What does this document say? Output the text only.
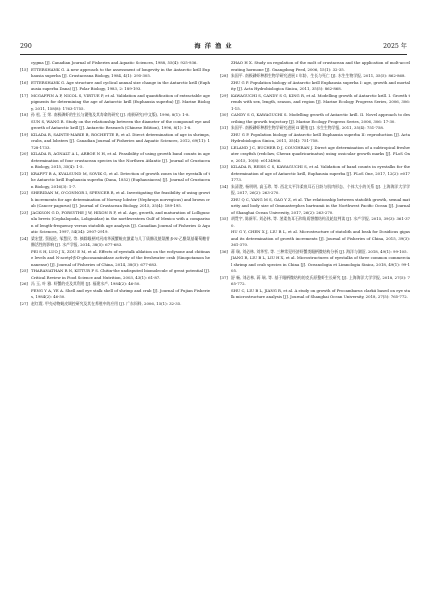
290	海 洋 渔 业	2025 年
cygma [J]. Canadian Journal of Fisheries and Aquatic Sciences, 1988, 55(4): 925-936.
[15] ETTERSHANK G. A new approach to the assessment of longevity in the Antarctic krill Euphausia superba [J]. Crustaceana Biology, 1984, 4(1): 295-305.
[16] ETTERSHANK G. Age structure and cyclical annual size change in the Antarctic krill (Euphausia superba Dana) [J]. Polar Biology, 1983, 2: 189-193.
[17] MCGAFFIN A P, NICOL S, VIRTUE P, et al. Validation and quantification of extractable age pigments for determining the age of Antarctic krill (Euphausia superba) [J]. Marine Biology, 2011, 158(8): 1763-1755.
[18] 孙 松, 王 荣. 南极磷虾的生长与繁殖及其寿命的研究 [J]. 南极研究(中文版), 1996, 8(1): 1-8.
SUN S, WANG R. Study on the relationship between the diameter of the compound eye and growth of Antarctic krill [J]. Antarctic Research (Chinese Edition), 1996, 8(1): 1-8.
[19] KILADA R, SAINTE-MARIE B, ROCHETTE R, et al. Direct determination of age in shrimps, crabs, and lobsters [J]. Canadian Journal of Fisheries and Aquatic Sciences, 2012, 69(11): 1728-1733.
[20] KILADA R, AGNALT A L, ARBOE N H, et al. Feasibility of using growth band counts in age determination of four crustacean species in the Northern Atlantic [J]. Journal of Crustacean Biology, 2015, 35(4): 1-5.
[21] KRAFFT B A, KVALSUND M, SOVIK G, et al. Detection of growth zones in the eyestalk of the Antarctic krill Euphausia superba (Dana, 1852) (Euphausiacea) [J]. Journal of Crustacean Biology, 2016(3): 1-7.
[22] SHERIDAN M, O'CONNOR I, SPENCER R, et al. Investigating the feasibility of using growth increments for age determination of Norway lobster (Nephrops norvegicus) and brown crab (Cancer pagurus) [J]. Journal of Crustacean Biology, 2015, 35(4): 189-195.
[23] JACKSON G D, FORSYTHE J W, HIXON R F, et al. Age, growth, and maturation of Lolliguncula brevis (Cephalopoda, Loliginidae) in the northwestern Gulf of Mexico with a comparison of length-frequency versus statolith age analysis [J]. Canadian Journal of Fisheries & Aquatic Sciences, 1997, 54(34): 2907-2919.
[24] 梁宏慧, 蔡振伦, 邹慧民, 等. 摘除眼柄对河南华溪蟹蜕皮激素与几丁质酶及胱氨酸 β-N-乙酰氨基葡萄糖苷酶活性的影响 [J]. 水产学报, 2014, 38(5): 677-683.
PEI S H, LUO J X, ZOU E M, et al. Effects of eyestalk ablation on the ecdysone and chitinase levels and N-acetyl-β-D-glucosaminidase activity of the freshwater crab (Sinopotamon henanense) [J]. Journal of Fisheries of China, 2014, 38(5): 677-683.
[25] THARANATHAN R N, KITTUR F S. Chitin-the undisputed biomolecule of great potential [J]. Critical Review in Food Science and Nutrition, 2003, 43(1): 61-87.
[26] 冯 玉, 叶 雅. 虾蟹的壳及其利用 [J]. 福建水产, 1984(2): 46-50.
FENG Y A, YE A. Shell and eye stalk shell of shrimp and crab [J]. Journal of Fujian Fisheries, 1984(2): 46-50.
[27] 赵红霞. 甲壳动物蜕皮调控研究及其在养殖中的应用 [J]. 广东饲料, 2006, 15(1): 32-35.
ZHAO H X. Study on regulation of the molt of crustacean and the application of molt-accelerating hormone [J]. Guangdong Feed, 2006, 15(1): 32-35.
[28] 朱国平. 南极磷虾种群生物学研究进展 I 年龄、生长与死亡 [J]. 水生生物学报, 2011, 35(5): 862-868.
ZHU G P. Population biology of Antarctic krill Euphausia superba I: age, growth and mortality [J]. Acta Hydrobiologica Sinica, 2011, 35(5): 862-868.
[29] KAWAGUCHI S, CANDY S G, KING R, et al. Modelling growth of Antarctic krill. I. Growth trends with sex, length, season, and region [J]. Marine Ecology Progress Series, 2006, 306: 1-15.
[30] CANDY S G, KAWAGUCHI S. Modelling growth of Antarctic krill. II. Novel approach to describing the growth trajectory [J]. Marine Ecology Progress Series, 2006, 306: 17-30.
[31] 朱国平. 南极磷虾种群生物学研究进展 II 繁殖 [J]. 水生生物学报, 2011, 35(4): 751-758.
ZHU G P. Population biology of Antarctic krill Euphausia superba II: reproduction [J]. Acta Hydrobiologica Sinica, 2011, 35(4): 751-758.
[32] LELAND J C, BUCHER D J, COUGHRAN J. Direct age determination of a subtropical freshwater crayfish (redclaw, Cherax quadricarinatus) using ossicular growth marks [J]. PLoS One, 2015, 10(8): e0134966.
[33] KILADA R, REISS C S, KAWAGUCHI S, et al. Validation of band counts in eyestalks for the determination of age of Antarctic krill, Euphausia superba [J]. PLoS One, 2017, 12(2): e0171773.
[34] 朱清澄, 杨明明, 高玉珍, 等. 西北太平洋柔鱼耳石日龄与肌肉形态、个体大小的关系 [J]. 上海海洋大学学报, 2017, 26(2): 263-270.
ZHU Q C, YANG M S, GAO Y Z, et al. The relationship between statolith growth, sexual maturity and body size of Ommastrephes bartramii in the Northwest Pacific Ocean [J]. Journal of Shanghai Ocean University, 2017, 26(2): 263-270.
[35] 胡贯宇, 陈新军, 刘必林, 等. 茎柔鱼耳石和角质颚微结构及轮纹判读 [J]. 水产学报, 2015, 39(3): 361-370.
HU G Y, CHEN X J, LIU B L, et al. Microstructure of statolith and beak for Dosidicus gigas and its determination of growth increments [J]. Journal of Fisheries of China, 2015, 39(3): 361-370.
[36] 蒋 瑞, 刘必林, 刘华雪, 等. 三种常见经济虾蟹类眼柄微结构分析 [J]. 海洋与湖沼, 2018, 49(1): 99-105.
JIANG R, LIU B L, LIU H X, et al. Microstructures of eyestalks of three common commercial shrimp and crab species in China [J]. Oceanologia et Limnologia Sinica, 2018, 49(1): 99-105.
[37] 舒 畅, 刘必林, 蒋 瑞, 等. 基于眼柄微结构的克氏原螯虾生长研究 [J]. 上海海洋大学学报, 2018, 27(5): 765-772.
SHU C, LIU B L, JIANG R, et al. A study on growth of Procambarus clarkii based on eye stalk microstructure analysis [J]. Journal of Shanghai Ocean University, 2018, 27(5): 765-772.
